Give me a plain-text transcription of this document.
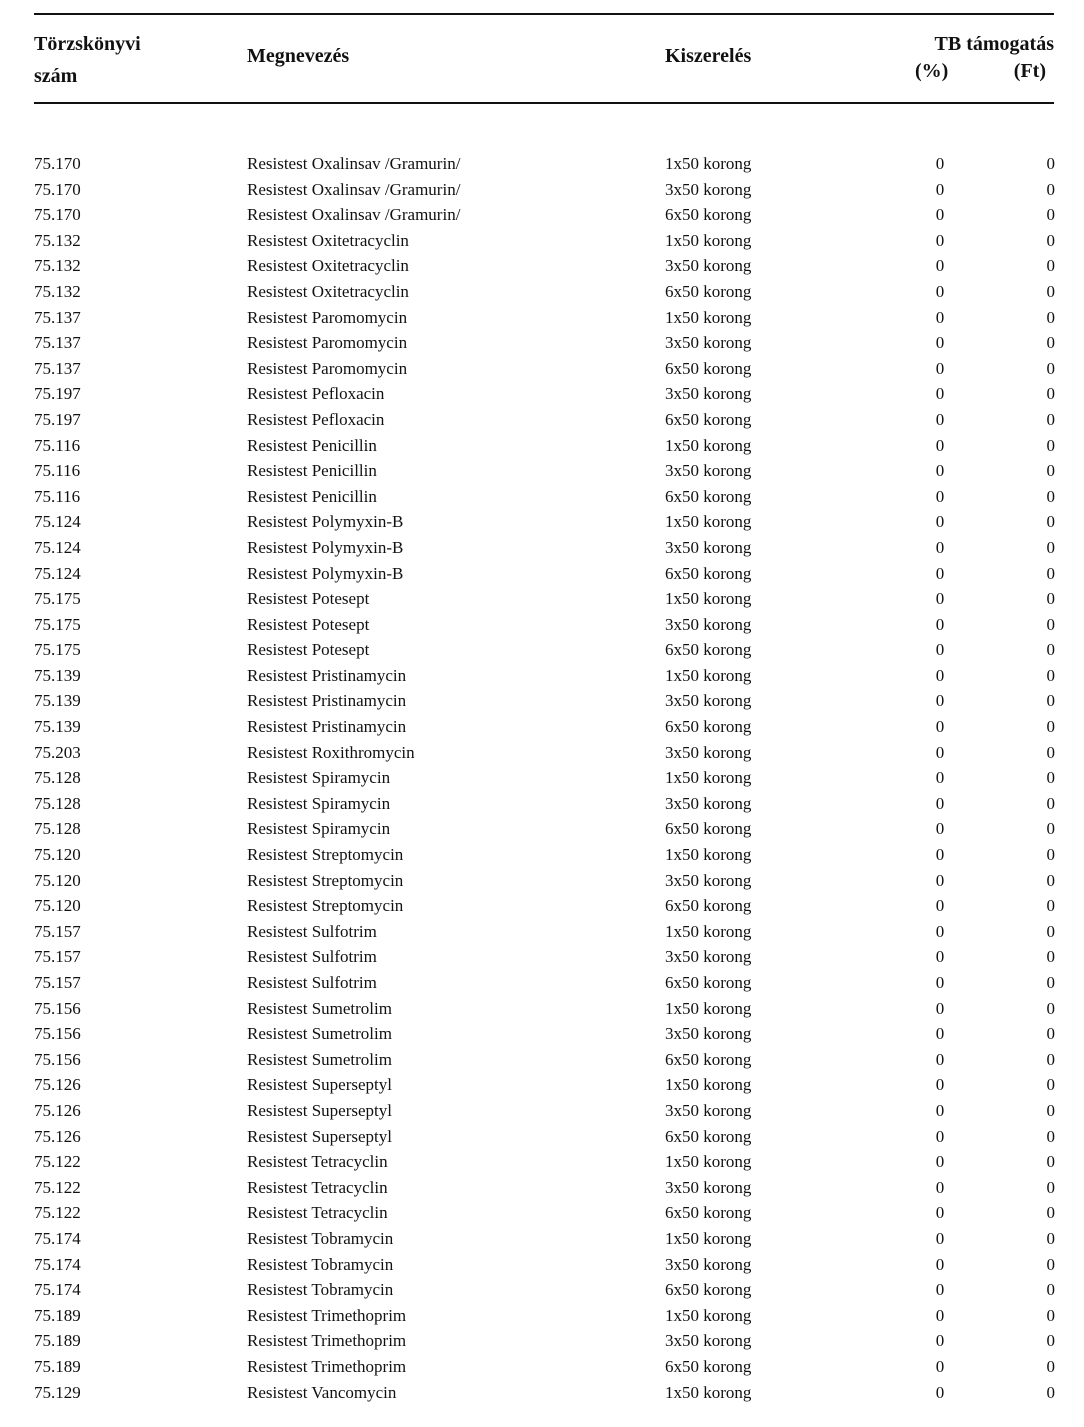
Törzskönyvi
szám
Megnevezés	Kiszerelés
TB támogatás
(%)	(Ft)
75.170	Resistest Oxalinsav /Gramurin/	1x50 korong	0	0
75.170	Resistest Oxalinsav /Gramurin/	3x50 korong	0	0
75.170	Resistest Oxalinsav /Gramurin/	6x50 korong	0	0
75.132	Resistest Oxitetracyclin	1x50 korong	0	0
75.132	Resistest Oxitetracyclin	3x50 korong	0	0
75.132	Resistest Oxitetracyclin	6x50 korong	0	0
75.137	Resistest Paromomycin	1x50 korong	0	0
75.137	Resistest Paromomycin	3x50 korong	0	0
75.137	Resistest Paromomycin	6x50 korong	0	0
75.197	Resistest Pefloxacin	3x50 korong	0	0
75.197	Resistest Pefloxacin	6x50 korong	0	0
75.116	Resistest Penicillin	1x50 korong	0	0
75.116	Resistest Penicillin	3x50 korong	0	0
75.116	Resistest Penicillin	6x50 korong	0	0
75.124	Resistest Polymyxin-B	1x50 korong	0	0
75.124	Resistest Polymyxin-B	3x50 korong	0	0
75.124	Resistest Polymyxin-B	6x50 korong	0	0
75.175	Resistest Potesept	1x50 korong	0	0
75.175	Resistest Potesept	3x50 korong	0	0
75.175	Resistest Potesept	6x50 korong	0	0
75.139	Resistest Pristinamycin	1x50 korong	0	0
75.139	Resistest Pristinamycin	3x50 korong	0	0
75.139	Resistest Pristinamycin	6x50 korong	0	0
75.203	Resistest Roxithromycin	3x50 korong	0	0
75.128	Resistest Spiramycin	1x50 korong	0	0
75.128	Resistest Spiramycin	3x50 korong	0	0
75.128	Resistest Spiramycin	6x50 korong	0	0
75.120	Resistest Streptomycin	1x50 korong	0	0
75.120	Resistest Streptomycin	3x50 korong	0	0
75.120	Resistest Streptomycin	6x50 korong	0	0
75.157	Resistest Sulfotrim	1x50 korong	0	0
75.157	Resistest Sulfotrim	3x50 korong	0	0
75.157	Resistest Sulfotrim	6x50 korong	0	0
75.156	Resistest Sumetrolim	1x50 korong	0	0
75.156	Resistest Sumetrolim	3x50 korong	0	0
75.156	Resistest Sumetrolim	6x50 korong	0	0
75.126	Resistest Superseptyl	1x50 korong	0	0
75.126	Resistest Superseptyl	3x50 korong	0	0
75.126	Resistest Superseptyl	6x50 korong	0	0
75.122	Resistest Tetracyclin	1x50 korong	0	0
75.122	Resistest Tetracyclin	3x50 korong	0	0
75.122	Resistest Tetracyclin	6x50 korong	0	0
75.174	Resistest Tobramycin	1x50 korong	0	0
75.174	Resistest Tobramycin	3x50 korong	0	0
75.174	Resistest Tobramycin	6x50 korong	0	0
75.189	Resistest Trimethoprim	1x50 korong	0	0
75.189	Resistest Trimethoprim	3x50 korong	0	0
75.189	Resistest Trimethoprim	6x50 korong	0	0
75.129	Resistest Vancomycin	1x50 korong	0	0
